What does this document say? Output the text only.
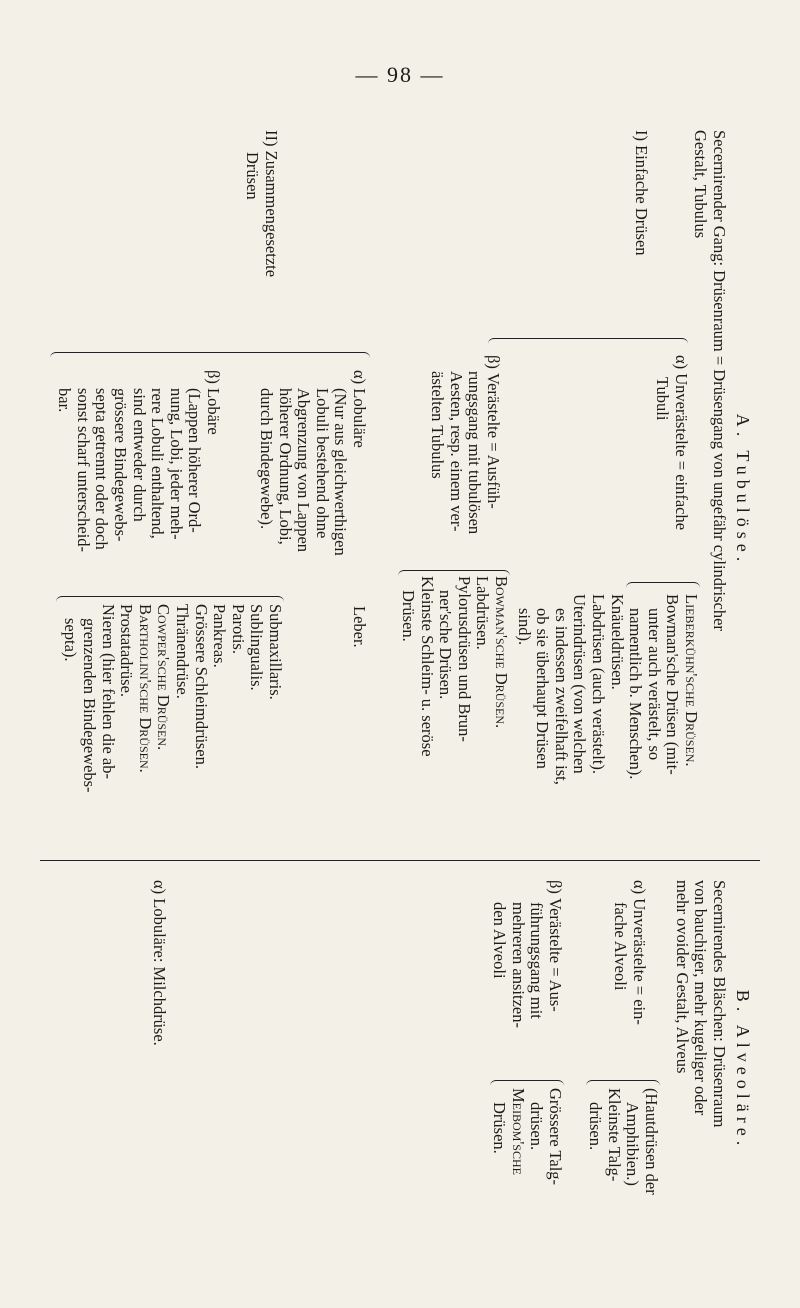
— 98 —
A. Tubulöse.
Secernirender Gang: Drüsenraum = Drüsengang von ungefähr cylindrischer
Gestalt, Tubulus
I) Einfache Drüsen
α) Unverästelte = einfache
Tubuli
Lieberkühn'sche Drüsen.
Bowman'sche Drüsen (mit-
unter auch verästelt, so
namentlich b. Menschen).
Knäueldrüsen.
Labdrüsen (auch verästelt).
Uterindrüsen (von welchen
es indessen zweifelhaft ist,
ob sie überhaupt Drüsen
sind).
β) Verästelte = Ausfüh-
rungsgang mit tubulösen
Aesten, resp. einem ver-
ästelten Tubulus
Bowman'sche Drüsen.
Labdrüsen.
Pylorusdrüsen und Brun-
ner'sche Drüsen.
Kleinste Schleim- u. seröse
Drüsen.
II) Zusammengesetzte
Drüsen
α) Lobuläre
(Nur aus gleichwerthigen
Lobuli bestehend ohne
Abgrenzung von Lappen
höherer Ordnung, Lobi,
durch Bindegewebe).
Leber.
β) Lobäre
(Lappen höherer Ord-
nung, Lobi, jeder meh-
rere Lobuli enthaltend,
sind entweder durch
grössere Bindegewebs-
septa getrennt oder doch
sonst scharf unterscheid-
bar.
Submaxillaris.
Sublingualis.
Parotis.
Pankreas.
Grössere Schleimdrüsen.
Thränendrüse.
Cowper'sche Drüsen.
Bartholini'sche Drüsen.
Prostatadrüse.
Nieren (hier fehlen die ab-
grenzenden Bindegewebs-
septa).
B. Alveoläre.
Secernirendes Bläschen: Drüsenraum
von bauchiger, mehr kugeliger oder
mehr ovoider Gestalt, Alveus
α) Unverästelte = ein-
fache Alveoli
(Hautdrüsen der
Amphibien.)
Kleinste Talg-
drüsen.
β) Verästelte = Aus-
führungsgang mit
mehreren ansitzen-
den Alveoli
Grössere Talg-
drüsen.
Meibom'sche
Drüsen.
α) Lobuläre: Milchdrüse.
